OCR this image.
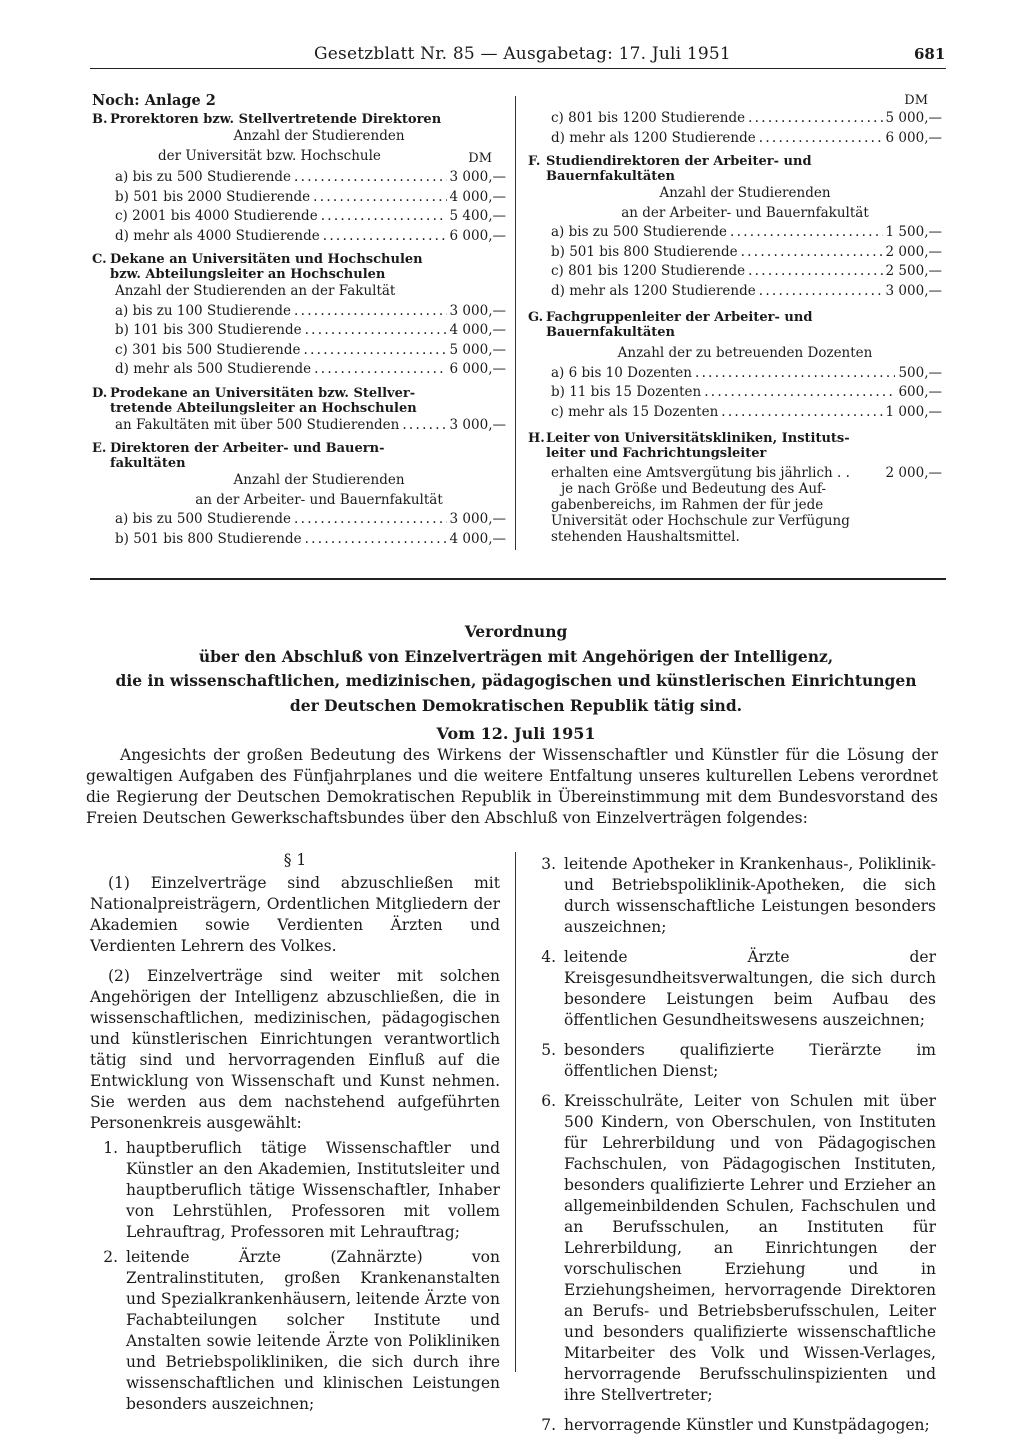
Gesetzblatt Nr. 85 — Ausgabetag: 17. Juli 1951	681
Noch: Anlage 2
B. Prorektoren bzw. Stellvertretende Direktoren
Anzahl der Studierenden
der Universität bzw. Hochschule	DM
a) bis zu 500 Studierende . . .	3 000,—
b) 501 bis 2000 Studierende . . .	4 000,—
c) 2001 bis 4000 Studierende . . .	5 400,—
d) mehr als 4000 Studierende . . .	6 000,—
C. Dekane an Universitäten und Hochschulen
bzw. Abteilungsleiter an Hochschulen
Anzahl der Studierenden an der Fakultät
a) bis zu 100 Studierende . . .	3 000,—
b) 101 bis 300 Studierende . . .	4 000,—
c) 301 bis 500 Studierende . . .	5 000,—
d) mehr als 500 Studierende . . .	6 000,—
D. Prodekane an Universitäten bzw. Stellver-
tretende Abteilungsleiter an Hochschulen
an Fakultäten mit über 500 Studierenden . . .	3 000,—
E. Direktoren der Arbeiter- und Bauern-
fakultäten
Anzahl der Studierenden
an der Arbeiter- und Bauernfakultät
a) bis zu 500 Studierende . . .	3 000,—
b) 501 bis 800 Studierende . . .	4 000,—
DM
c) 801 bis 1200 Studierende . . .	5 000,—
d) mehr als 1200 Studierende . . .	6 000,—
F. Studiendirektoren der Arbeiter- und
Bauernfakultäten
Anzahl der Studierenden
an der Arbeiter- und Bauernfakultät
a) bis zu 500 Studierende . . .	1 500,—
b) 501 bis 800 Studierende . . .	2 000,—
c) 801 bis 1200 Studierende . . .	2 500,—
d) mehr als 1200 Studierende . . .	3 000,—
G. Fachgruppenleiter der Arbeiter- und
Bauernfakultäten
Anzahl der zu betreuenden Dozenten
a) 6 bis 10 Dozenten . . .	500,—
b) 11 bis 15 Dozenten . . .	600,—
c) mehr als 15 Dozenten . . .	1 000,—
H.Leiter von Universitätskliniken, Instituts-
leiter und Fachrichtungsleiter
erhalten eine Amtsvergütung bis jährlich . .	2 000,—
je nach Größe und Bedeutung des Auf-
gabenbereichs, im Rahmen der für jede
Universität oder Hochschule zur Verfügung
stehenden Haushaltsmittel.
Verordnung
über den Abschluß von Einzelverträgen mit Angehörigen der Intelligenz,
die in wissenschaftlichen, medizinischen, pädagogischen und künstlerischen Einrichtungen
der Deutschen Demokratischen Republik tätig sind.
Vom 12. Juli 1951
Angesichts der großen Bedeutung des Wirkens der Wissenschaftler und Künstler für die Lösung der gewaltigen Aufgaben des Fünfjahrplanes und die weitere Entfaltung unseres kulturellen Lebens verordnet die Regierung der Deutschen Demokratischen Republik in Übereinstimmung mit dem Bundesvorstand des Freien Deutschen Gewerkschaftsbundes über den Abschluß von Einzelverträgen folgendes:
§ 1

(1) Einzelverträge sind abzuschließen mit Nationalpreisträgern, Ordentlichen Mitgliedern der Akademien sowie Verdienten Ärzten und Verdienten Lehrern des Volkes.

(2) Einzelverträge sind weiter mit solchen Angehörigen der Intelligenz abzuschließen, die in wissenschaftlichen, medizinischen, pädagogischen und künstlerischen Einrichtungen verantwortlich tätig sind und hervorragenden Einfluß auf die Entwicklung von Wissenschaft und Kunst nehmen. Sie werden aus dem nachstehend aufgeführten Personenkreis ausgewählt:

1. hauptberuflich tätige Wissenschaftler und Künstler an den Akademien, Institutsleiter und hauptberuflich tätige Wissenschaftler, Inhaber von Lehrstühlen, Professoren mit vollem Lehrauftrag, Professoren mit Lehrauftrag;
2. leitende Ärzte (Zahnärzte) von Zentralinstituten, großen Krankenanstalten und Spezialkrankenhäusern, leitende Ärzte von Fachabteilungen solcher Institute und Anstalten sowie leitende Ärzte von Polikliniken und Betriebspolikliniken, die sich durch ihre wissenschaftlichen und klinischen Leistungen besonders auszeichnen;
3. leitende Apotheker in Krankenhaus-, Poliklinik- und Betriebspoliklinik-Apotheken, die sich durch wissenschaftliche Leistungen besonders auszeichnen;
4. leitende Ärzte der Kreisgesundheitsverwaltungen, die sich durch besondere Leistungen beim Aufbau des öffentlichen Gesundheitswesens auszeichnen;
5. besonders qualifizierte Tierärzte im öffentlichen Dienst;
6. Kreisschulräte, Leiter von Schulen mit über 500 Kindern, von Oberschulen, von Instituten für Lehrerbildung und von Pädagogischen Fachschulen, von Pädagogischen Instituten, besonders qualifizierte Lehrer und Erzieher an allgemeinbildenden Schulen, Fachschulen und an Berufsschulen, an Instituten für Lehrerbildung, an Einrichtungen der vorschulischen Erziehung und in Erziehungsheimen, hervorragende Direktoren an Berufs- und Betriebsberufsschulen, Leiter und besonders qualifizierte wissenschaftliche Mitarbeiter des Volk und Wissen-Verlages, hervorragende Berufsschulinspizienten und ihre Stellvertreter;
7. hervorragende Künstler und Kunstpädagogen;
